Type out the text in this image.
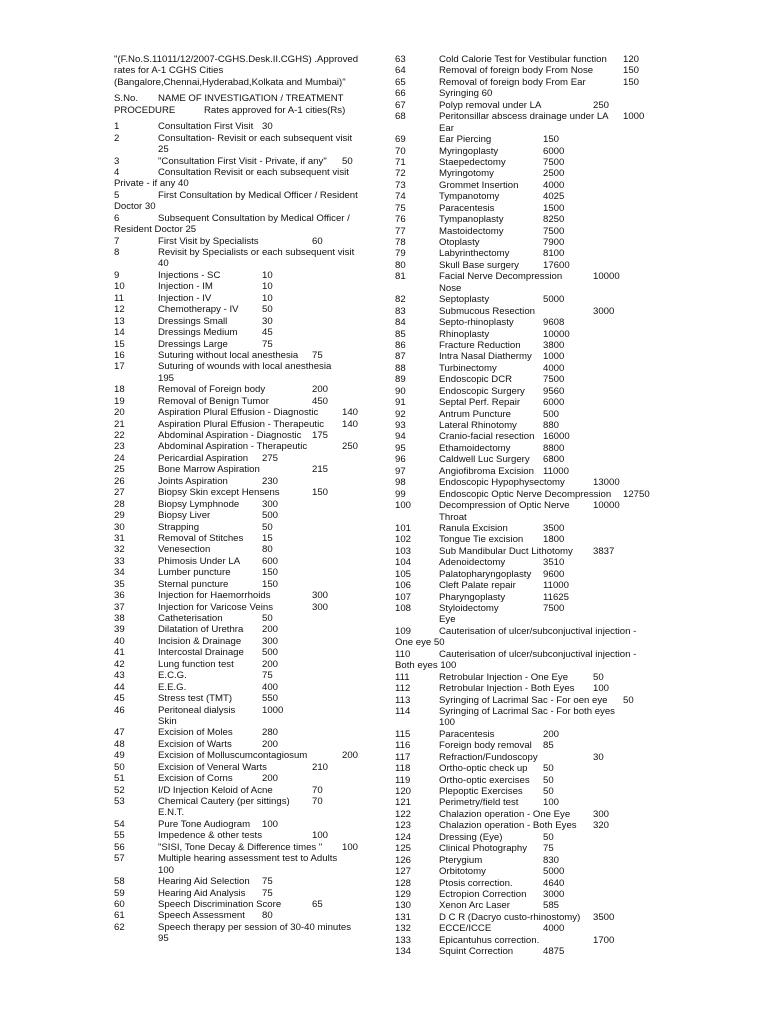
"(F.No.S.11011/12/2007-CGHS.Desk.II.CGHS) .Approved
rates for A-1 CGHS Cities
(Bangalore,Chennai,Hyderabad,Kolkata and Mumbai)"
S.No.	NAME OF INVESTIGATION / TREATMENT
PROCEDURE	Rates approved for A-1 cities(Rs)
1	Consultation First Visit 30
2	Consultation- Revisit or each subsequent visit
25
3	"Consultation First Visit - Private, if any" 50
4	Consultation Revisit or each subsequent visit
Private - if any 40
5	First Consultation by Medical Officer / Resident
Doctor 30
6	Subsequent Consultation by Medical Officer /
Resident Doctor 25
7	First Visit by Specialists	60
8	Revisit by Specialists or each subsequent visit
40
9	Injections - SC	10
10	Injection - IM	10
11	Injection - IV	10
12	Chemotherapy - IV 50
13	Dressings Small	30
14	Dressings Medium	45
15	Dressings Large	75
16	Suturing without local anesthesia 75
17	Suturing of wounds with local anesthesia
195
18	Removal of Foreign body	200
19	Removal of Benign Tumor	450
20	Aspiration Plural Effusion - Diagnostic 140
21	Aspiration Plural Effusion - Therapeutic 140
22	Abdominal Aspiration - Diagnostic 175
23	Abdominal Aspiration - Therapeutic	250
24	Pericardial Aspiration 275
25	Bone Marrow Aspiration	215
26	Joints Aspiration	230
27	Biopsy Skin except Hensens	150
28	Biopsy Lymphnode 300
29	Biopsy Liver	500
30	Strapping	50
31	Removal of Stitches 15
32	Venesection	80
33	Phimosis Under LA 600
34	Lumber puncture	150
35	Sternal puncture	150
36	Injection for Haemorrhoids	300
37	Injection for Varicose Veins	300
38	Catheterisation	50
39	Dilatation of Urethra 200
40	Incision & Drainage 300
41	Intercostal Drainage 500
42	Lung function test	200
43	E.C.G.	75
44	E.E.G.	400
45	Stress test (TMT)	550
46	Peritoneal dialysis	1000
Skin
47	Excision of Moles	280
48	Excision of Warts	200
49	Excision of Molluscumcontagiosum	200
50	Excision of Veneral Warts	210
51	Excision of Corns	200
52	I/D Injection Keloid of Acne	70
53	Chemical Cautery (per sittings) 70
E.N.T.
54	Pure Tone Audiogram 100
55	Impedence & other tests	100
56	"SISI, Tone Decay & Difference times " 100
57	Multiple hearing assessment test to Adults
100
58	Hearing Aid Selection 75
59	Hearing Aid Analysis 75
60	Speech Discrimination Score	65
61	Speech Assessment 80
62	Speech therapy per session of 30-40 minutes
95
63	Cold Calorie Test for Vestibular function 120
64	Removal of foreign body From Nose	150
65	Removal of foreign body From Ear	150
66	Syringing 60
67	Polyp removal under LA	250
68	Peritonsillar abscess drainage under LA 1000
Ear
69	Ear Piercing	150
70	Myringoplasty	6000
71	Staepedectomy	7500
72	Myringotomy	2500
73	Grommet Insertion	4000
74	Tympanotomy	4025
75	Paracentesis	1500
76	Tympanoplasty	8250
77	Mastoidectomy	7500
78	Otoplasty	7900
79	Labyrinthectomy	8100
80	Skull Base surgery	17600
81	Facial Nerve Decompression	10000
Nose
82	Septoplasty	5000
83	Submucous Resection	3000
84	Septo-rhinoplasty	9608
85	Rhinoplasty	10000
86	Fracture Reduction 3800
87	Intra Nasal Diathermy 1000
88	Turbinectomy	4000
89	Endoscopic DCR	7500
90	Endoscopic Surgery 9560
91	Septal Perf. Repair 6000
92	Antrum Puncture	500
93	Lateral Rhinotomy	880
94	Cranio-facial resection 16000
95	Ethamoidectomy	8800
96	Caldwell Luc Surgery 6800
97	Angiofibroma Excision 11000
98	Endoscopic Hypophysectomy	13000
99	Endoscopic Optic Nerve Decompression 12750
100	Decompression of Optic Nerve 10000
Throat
101	Ranula Excision	3500
102	Tongue Tie excision 1800
103	Sub Mandibular Duct Lithotomy 3837
104	Adenoidectomy	3510
105	Palatopharyngoplasty 9600
106	Cleft Palate repair	11000
107	Pharyngoplasty	11625
108	Styloidectomy	7500
Eye
109	Cauterisation of ulcer/subconjuctival injection -
One eye 50
110	Cauterisation of ulcer/subconjuctival injection -
Both eyes 100
111	Retrobular Injection - One Eye	50
112	Retrobular Injection - Both Eyes 100
113	Syringing of Lacrimal Sac - For oen eye 50
114	Syringing of Lacrimal Sac - For both eyes
100
115	Paracentesis	200
116	Foreign body removal 85
117	Refraction/Fundoscopy	30
118	Ortho-optic check up 50
119	Ortho-optic exercises 50
120	Plepoptic Exercises 50
121	Perimetry/field test	100
122	Chalazion operation - One Eye 300
123	Chalazion operation - Both Eyes 320
124	Dressing (Eye)	50
125	Clinical Photography 75
126	Pterygium	830
127	Orbitotomy	5000
128	Ptosis correction.	4640
129	Ectropion Correction 3000
130	Xenon Arc Laser	585
131	D C R (Dacryo custo-rhinostomy) 3500
132	ECCE/ICCE	4000
133	Epicantuhus correction.	1700
134	Squint Correction	4875
